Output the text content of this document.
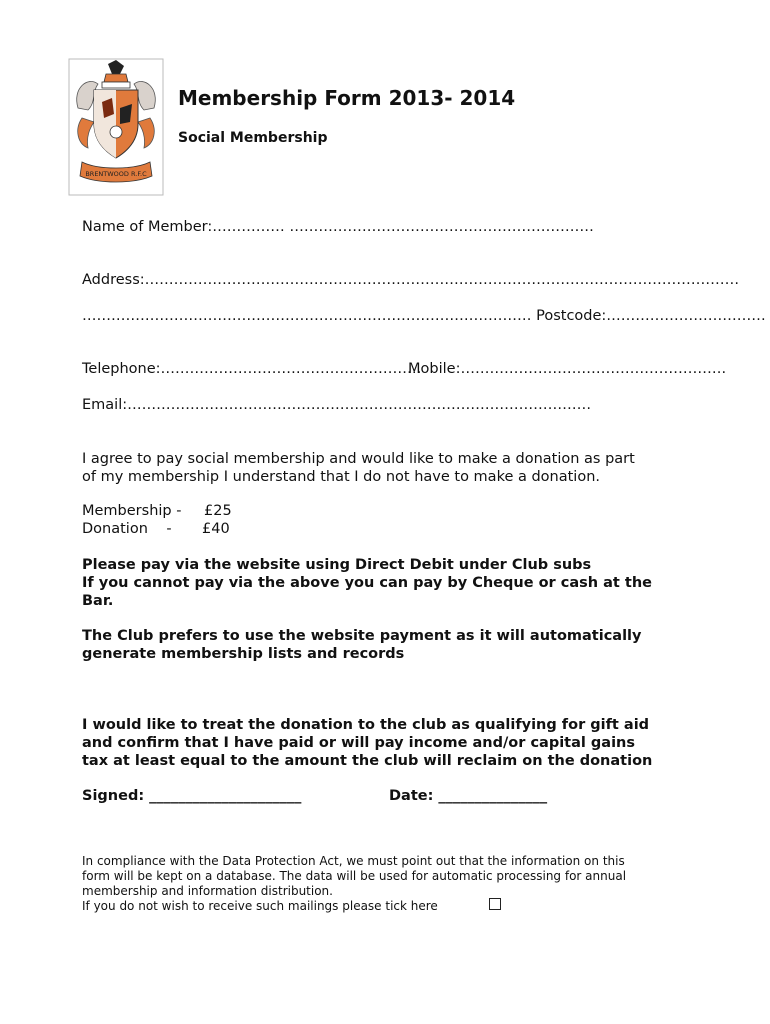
BRENTWOOD R.F.C
Membership Form 2013- 2014
Social Membership
Name of Member:…………… ………………………………………………………
Address:……………………………………………………………………………………………………………
………………………………………………………………………………… Postcode:……………………………
Telephone:………………………………………………
Mobile:……………………………………………….
Email:……………………………………………………………………………………
I agree to pay social membership and would like to make a donation as part
of my membership I understand that I do not have to make a donation.
Membership - £25
Donation    - £40
Please pay via the website using Direct Debit under Club subs
If you cannot pay via the above you can pay by Cheque or cash at the
Bar.
The Club prefers to use the website payment as it will automatically
generate membership lists and records
I would like to treat the donation to the club as qualifying for gift aid
and confirm that I have paid or will pay income and/or capital gains
tax at least equal to the amount the club will reclaim on the donation
Signed: _____________________	Date: _______________
In compliance with the Data Protection Act, we must point out that the information on this
form will be kept on a database. The data will be used for automatic processing for annual
membership and information distribution.
If you do not wish to receive such mailings please tick here
